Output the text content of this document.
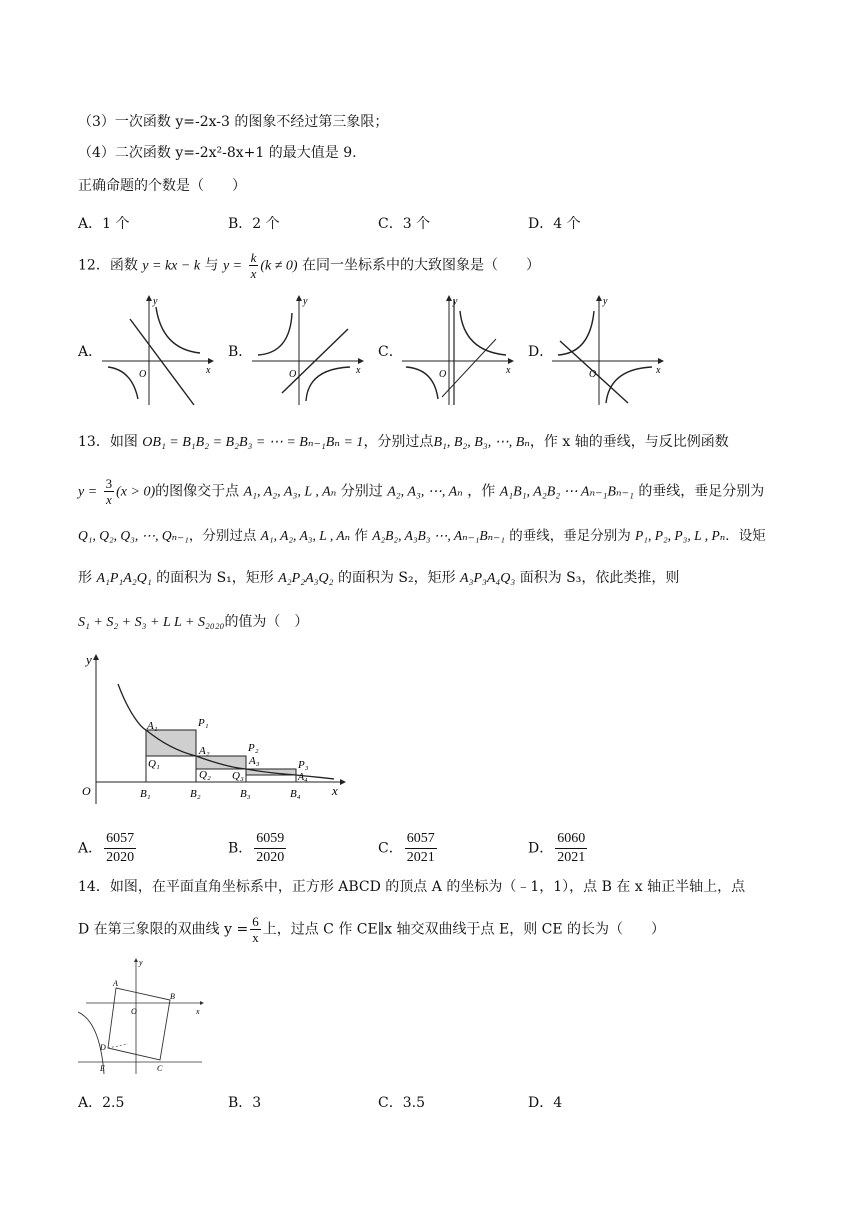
（3）一次函数 y=-2x-3 的图象不经过第三象限；
（4）二次函数 y=-2x²-8x+1 的最大值是 9.
正确命题的个数是（　　）
A．1 个	B．2 个	C．3 个	D．4 个
12．函数 y = kx − k 与 $y = \frac{k}{x} (k \ne 0)$ 在同一坐标系中的大致图象是（　　）
A．
y
x
O
B．
y
x
O
C．
y
x
O
D．
y
x
O
13．如图 OB₁ = B₁B₂ = B₂B₃ = ⋯ = Bₙ₋₁Bₙ = 1，分别过点B₁, B₂, B₃, ⋯, Bₙ，作 x 轴的垂线，与反比例函数
$y = \frac{3}{x} (x > 0)$的图像交于点 A₁, A₂, A₃, L , Aₙ 分别过 A₂, A₃, ⋯, Aₙ ，作 A₁B₁, A₂B₂ ⋯ Aₙ₋₁Bₙ₋₁ 的垂线，垂足分别为
Q₁, Q₂, Q₃, ⋯, Qₙ₋₁，分别过点 A₁, A₂, A₃, L , Aₙ 作 A₂B₂, A₃B₃ ⋯, Aₙ₋₁Bₙ₋₁ 的垂线，垂足分别为 P₁, P₂, P₃, L , Pₙ．设矩
形 A₁P₁A₂Q₁ 的面积为 S₁，矩形 A₂P₂A₃Q₂ 的面积为 S₂，矩形 A₃P₃A₄Q₃ 面积为 S₃，依此类推，则
S₁ + S₂ + S₃ + L L + S₂₀₂₀的值为（　）
y
x
O
A₁	P₁
A₂
Q₁
P₂
A₃
Q₂ Q₃
P₃
A₄
B₁	B₂	B₃	B₄
A． $\frac{6057}{2020}$	B． $\frac{6059}{2020}$	C． $\frac{6057}{2021}$	D． $\frac{6060}{2021}$
14．如图，在平面直角坐标系中，正方形 ABCD 的顶点 A 的坐标为（﹣1，1），点 B 在 x 轴正半轴上，点
D 在第三象限的双曲线 $y = \frac{6}{x}$ 上，过点 C 作 CE∥x 轴交双曲线于点 E，则 CE 的长为（　　）
y
x
O
A
B
C
D
E
A．2.5	B．3	C．3.5	D．4
